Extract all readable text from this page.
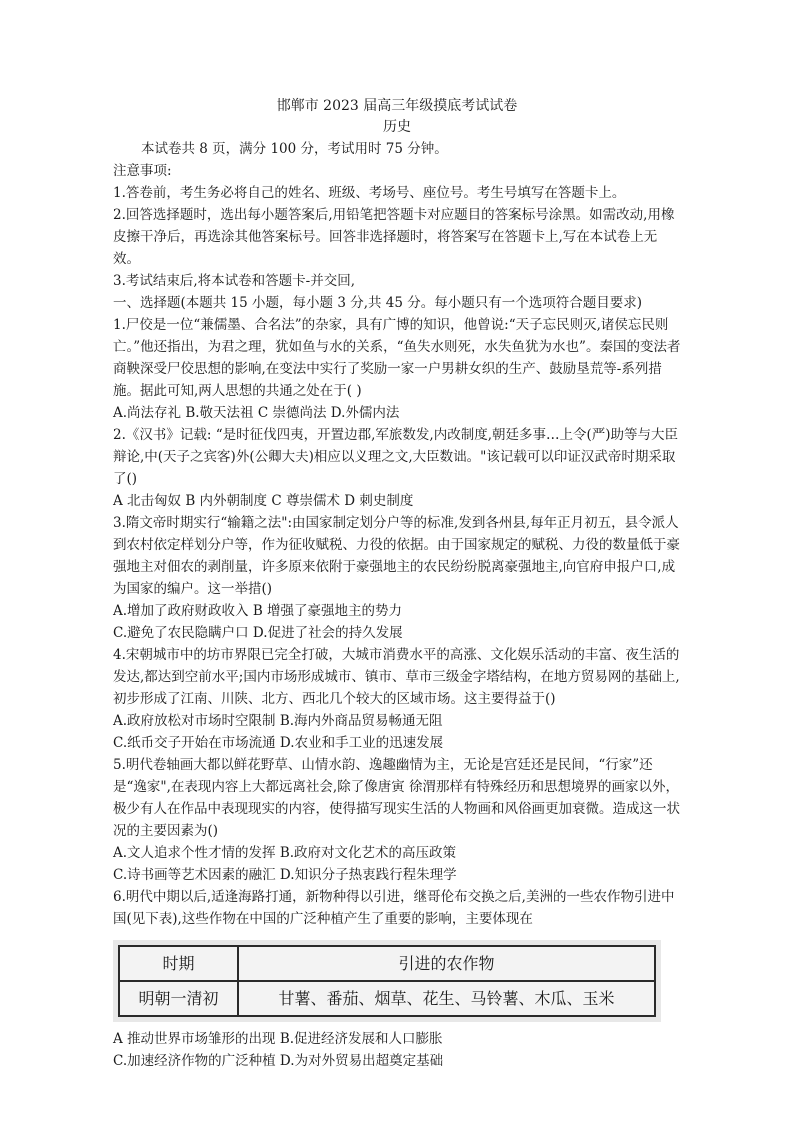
邯郸市 2023 届高三年级摸底考试试卷

历史

本试卷共 8 页，满分 100 分，考试用时 75 分钟。

注意事项:

1.答卷前，考生务必将自己的姓名、班级、考场号、座位号。考生号填写在答题卡上。

2.回答选择题时，选出每小题答案后,用铅笔把答题卡对应题目的答案标号涂黑。如需改动,用橡皮擦干净后，再选涂其他答案标号。回答非选择题时，将答案写在答题卡上,写在本试卷上无效。

3.考试结束后,将本试卷和答题卡-并交回,

一、选择题(本题共 15 小题，每小题 3 分,共 45 分。每小题只有一个选项符合题目要求)

1.尸佼是一位“兼儒墨、合名法”的杂家，具有广博的知识，他曾说:“天子忘民则灭,诸侯忘民则亡。”他还指出，为君之理，犹如鱼与水的关系，“鱼失水则死，水失鱼犹为水也”。秦国的变法者商鞅深受尸佼思想的影响,在变法中实行了奖励一家一户男耕女织的生产、鼓励垦荒等-系列措施。据此可知,两人思想的共通之处在于( )

A.尚法存礼 B.敬天法祖 C 崇德尚法 D.外儒内法

2.《汉书》记载: “是时征伐四夷，开置边郡,军旅数发,内改制度,朝廷多事…上令(严)助等与大臣辩论,中(天子之宾客)外(公卿大夫)相应以义理之文,大臣数诎。"该记载可以印证汉武帝时期采取了()

A 北击匈奴 B 内外朝制度 C 尊崇儒术 D 刺史制度

3.隋文帝时期实行“输籍之法":由国家制定划分户等的标准,发到各州县,每年正月初五，县令派人到农村依定样划分户等，作为征收赋税、力役的依据。由于国家规定的赋税、力役的数量低于豪强地主对佃农的剥削量，许多原来依附于豪强地主的农民纷纷脱离豪强地主,向官府申报户口,成为国家的编户。这一举措()

A.增加了政府财政收入 B 增强了豪强地主的势力

C.避免了农民隐瞒户口 D.促进了社会的持久发展

4.宋朝城市中的坊市界限已完全打破，大城市消费水平的高涨、文化娱乐活动的丰富、夜生活的发达,都达到空前水平;国内市场形成城市、镇市、草市三级金字塔结构，在地方贸易网的基础上,初步形成了江南、川陕、北方、西北几个较大的区域市场。这主要得益于()

A.政府放松对市场时空限制 B.海内外商品贸易畅通无阻

C.纸币交子开始在市场流通 D.农业和手工业的迅速发展

5.明代卷轴画大都以鲜花野草、山情水韵、逸趣幽情为主，无论是宫廷还是民间，“行家”还是“逸家",在表现内容上大都远离社会,除了像唐寅 徐渭那样有特殊经历和思想境界的画家以外，极少有人在作品中表现现实的内容，使得描写现实生活的人物画和风俗画更加衰微。造成这一状况的主要因素为()

A.文人追求个性才情的发挥 B.政府对文化艺术的高压政策

C.诗书画等艺术因素的融汇 D.知识分子热衷践行程朱理学

6.明代中期以后,适逢海路打通，新物种得以引进，继哥伦布交换之后,美洲的一些农作物引进中国(见下表),这些作物在中国的广泛种植产生了重要的影响，主要体现在

时期	引进的农作物
明朝一清初	甘薯、番茄、烟草、花生、马铃薯、木瓜、玉米

A 推动世界市场雏形的出现 B.促进经济发展和人口膨胀

C.加速经济作物的广泛种植 D.为对外贸易出超奠定基础
